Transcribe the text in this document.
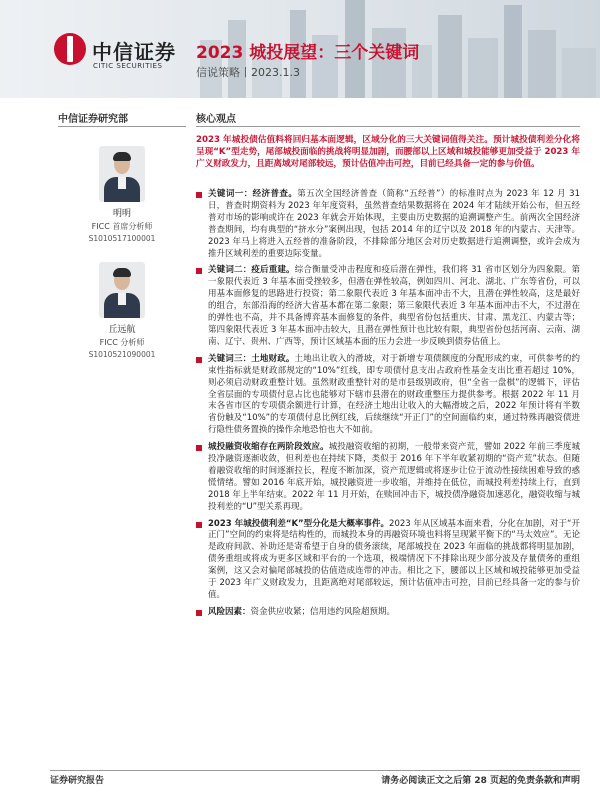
中信证券
CITIC SECURITIES
2023 城投展望：三个关键词
信说策略丨2023.1.3
中信证券研究部	核心观点
明明
FICC 首席分析师
S1010517100001
丘远航
FICC 分析师
S1010521090001
2023 年城投债估值料将回归基本面逻辑，区域分化的三大关键词值得关注。预计城投债利差分化将呈现“K”型走势，尾部城投面临的挑战将明显加剧，而腰部以上区域和城投能够更加受益于 2023 年广义财政发力，且距离域对尾部较远，预计估值冲击可控，目前已经具备一定的参与价值。
关键词一：经济普查。第五次全国经济普查（简称“五经普”）的标准时点为 2023 年 12 月 31 日，普查时期资料为 2023 年年度资料，虽然普查结果数据将在 2024 年才陆续开始公布，但五经普对市场的影响或许在 2023 年就会开始体现，主要由历史数据的追溯调整产生。前两次全国经济普查期间，均有典型的“挤水分”案例出现，包括 2014 年的辽宁以及 2018 年的内蒙古、天津等。2023 年马上将进入五经普的准备阶段，不排除部分地区会对历史数据进行追溯调整，或许会成为推升区域利差的重要边际变量。
关键词二：疫后重建。综合衡量受冲击程度和疫后潜在弹性，我们将 31 省市区划分为四象限。第一象限代表近 3 年基本面受挫较多，但潜在弹性较高，例如四川、河北、湖北、广东等省份，可以用基本面修复的思路进行投资；第二象限代表近 3 年基本面冲击不大，且潜在弹性较高，这是最好的组合，东部沿海的经济大省基本都在第二象限；第三象限代表近 3 年基本面冲击不大，不过潜在的弹性也不高，并不具备博弈基本面修复的条件，典型省份包括重庆、甘肃、黑龙江、内蒙古等；第四象限代表近 3 年基本面冲击较大，且潜在弹性预计也比较有限，典型省份包括河南、云南、湖南、辽宁、贵州、广西等，预计区域基本面的压力会进一步反映到债券估值上。
关键词三：土地财政。土地出让收入的滑坡，对于新增专项债额度的分配形成约束，可供参考的约束性指标就是财政部规定的“10%”红线，即专项债付息支出占政府性基金支出比重若超过 10%，则必须启动财政重整计划。虽然财政重整针对的是市县级别政府，但“全省一盘棋”的逻辑下，评估全省层面的专项债付息占比也能够对下辖市县潜在的财政重整压力提供参考。根据 2022 年 11 月末各省市区的专项债余额进行计算，在经济土地出让收入的大幅滑坡之后，2022 年预计将有半数省份触及“10%”的专项债付息比例红线，后续继续“开正门”的空间面临约束，通过特殊再融资债进行隐性债务置换的操作余地恐怕也大不如前。
城投融资收缩存在两阶段效应。城投融资收缩的初期，一般带来资产荒，譬如 2022 年前三季度城投净融资逐渐收敛，但利差也在持续下降，类似于 2016 年下半年收紧初期的“资产荒”状态。但随着融资收缩的时间逐渐拉长，程度不断加深，资产荒逻辑或将逐步让位于流动性接续困难导致的惑慌情绪。譬如 2016 年底开始，城投融资进一步收缩，并维持在低位，而城投利差持续上行，直到 2018 年上半年结束。2022 年 11 月开始，在赎回冲击下，城投债净融资加速恶化，融资收缩与城投利差的“U”型关系再现。
2023 年城投债利差“K”型分化是大概率事件。2023 年从区域基本面来看，分化在加剧，对于“开正门”空间的约束将是结构性的，而城投本身的再融资环境也料将呈现紧平衡下的“马太效应”。无论是政府间款、补助还是寄希望于自身的债务滚续，尾部城投在 2023 年面临的挑战都将明显加剧，债务重组或将成为更多区域和平台的一个选项，极端情况下不排除出现少部分波及存量债务的重组案例，这又会对偏尾部城投的估值造成连带的冲击。相比之下，腰部以上区域和城投能够更加受益于 2023 年广义财政发力，且距离绝对尾部较远，预计估值冲击可控，目前已经具备一定的参与价值。
风险因素：资金供应收紧；信用违约风险超预期。
证券研究报告	请务必阅读正文之后第 28 页起的免责条款和声明
